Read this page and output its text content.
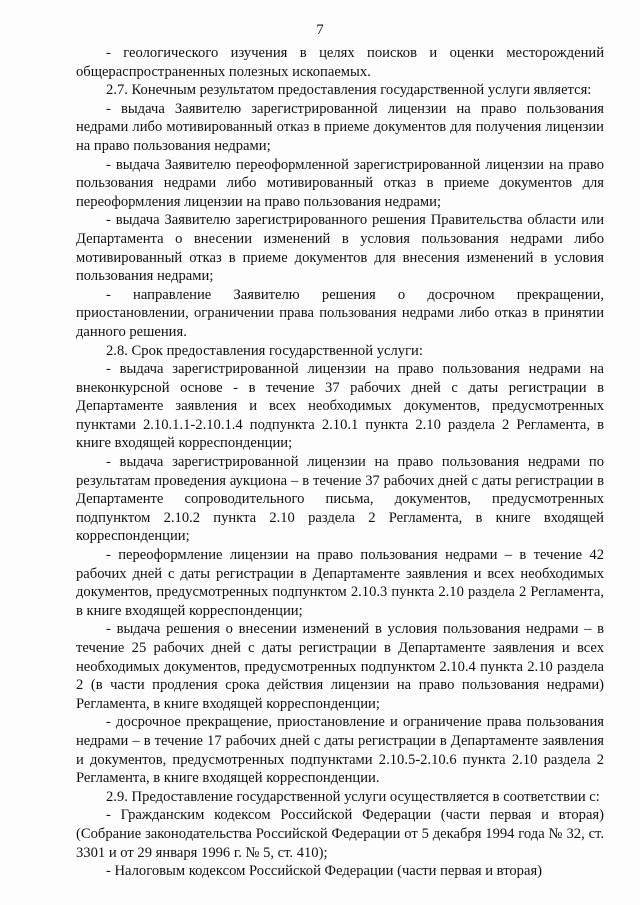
7

- геологического изучения в целях поисков и оценки месторождений общераспространенных полезных ископаемых.

2.7. Конечным результатом предоставления государственной услуги является:

- выдача Заявителю зарегистрированной лицензии на право пользования недрами либо мотивированный отказ в приеме документов для получения лицензии на право пользования недрами;

- выдача Заявителю переоформленной зарегистрированной лицензии на право пользования недрами либо мотивированный отказ в приеме документов для переоформления лицензии на право пользования недрами;

- выдача Заявителю зарегистрированного решения Правительства области или Департамента о внесении изменений в условия пользования недрами либо мотивированный отказ в приеме документов для внесения изменений в условия пользования недрами;

- направление Заявителю решения о досрочном прекращении, приостановлении, ограничении права пользования недрами либо отказ в принятии данного решения.

2.8. Срок предоставления государственной услуги:

- выдача зарегистрированной лицензии на право пользования недрами на внеконкурсной основе - в течение 37 рабочих дней с даты регистрации в Департаменте заявления и всех необходимых документов, предусмотренных пунктами 2.10.1.1-2.10.1.4 подпункта 2.10.1 пункта 2.10 раздела 2 Регламента, в книге входящей корреспонденции;

- выдача зарегистрированной лицензии на право пользования недрами по результатам проведения аукциона – в течение 37 рабочих дней с даты регистрации в Департаменте сопроводительного письма, документов, предусмотренных подпунктом 2.10.2 пункта 2.10 раздела 2 Регламента, в книге входящей корреспонденции;

- переоформление лицензии на право пользования недрами – в течение 42 рабочих дней с даты регистрации в Департаменте заявления и всех необходимых документов, предусмотренных подпунктом 2.10.3 пункта 2.10 раздела 2 Регламента, в книге входящей корреспонденции;

- выдача решения о внесении изменений в условия пользования недрами – в течение 25 рабочих дней с даты регистрации в Департаменте заявления и всех необходимых документов, предусмотренных подпунктом 2.10.4 пункта 2.10 раздела 2 (в части продления срока действия лицензии на право пользования недрами) Регламента, в книге входящей корреспонденции;

- досрочное прекращение, приостановление и ограничение права пользования недрами – в течение 17 рабочих дней с даты регистрации в Департаменте заявления и документов, предусмотренных подпунктами 2.10.5-2.10.6 пункта 2.10 раздела 2 Регламента, в книге входящей корреспонденции.

2.9. Предоставление государственной услуги осуществляется в соответствии с:

- Гражданским кодексом Российской Федерации (части первая и вторая) (Собрание законодательства Российской Федерации от 5 декабря 1994 года № 32, ст. 3301 и от 29 января 1996 г. № 5, ст. 410);

- Налоговым кодексом Российской Федерации (части первая и вторая)
